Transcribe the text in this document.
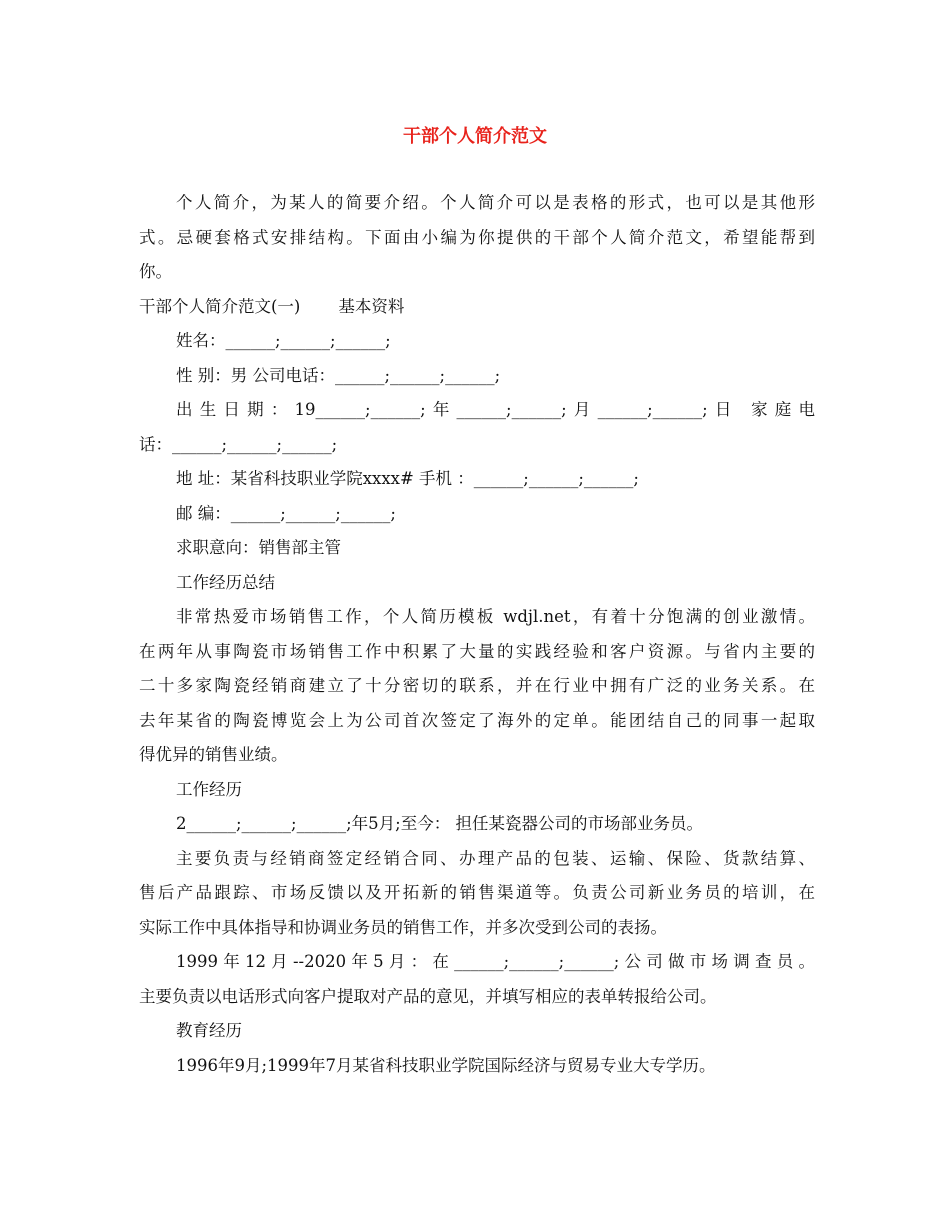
干部个人简介范文
个人简介，为某人的简要介绍。个人简介可以是表格的形式，也可以是其他形
式。忌硬套格式安排结构。下面由小编为你提供的干部个人简介范文，希望能帮到
你。
干部个人简介范文(一) 基本资料
姓名：______;______;______;
性 别：男 公司电话：______;______;______;
出生日期：19______;______;年______;______;月______;______;日 家庭电
话：______;______;______;
地 址：某省科技职业学院xxxx# 手机 ：______;______;______;
邮 编：______;______;______;
求职意向：销售部主管
工作经历总结
非常热爱市场销售工作，个人简历模板 wdjl.net，有着十分饱满的创业激情。
在两年从事陶瓷市场销售工作中积累了大量的实践经验和客户资源。与省内主要的
二十多家陶瓷经销商建立了十分密切的联系，并在行业中拥有广泛的业务关系。在
去年某省的陶瓷博览会上为公司首次签定了海外的定单。能团结自己的同事一起取
得优异的销售业绩。
工作经历
2______;______;______;年5月;至今： 担任某瓷器公司的市场部业务员。
主要负责与经销商签定经销合同、办理产品的包装、运输、保险、货款结算、
售后产品跟踪、市场反馈以及开拓新的销售渠道等。负责公司新业务员的培训，在
实际工作中具体指导和协调业务员的销售工作，并多次受到公司的表扬。
1999年12月--2020年5月：在______;______;______;公司做市场调查员。
主要负责以电话形式向客户提取对产品的意见，并填写相应的表单转报给公司。
教育经历
1996年9月;1999年7月某省科技职业学院国际经济与贸易专业大专学历。
